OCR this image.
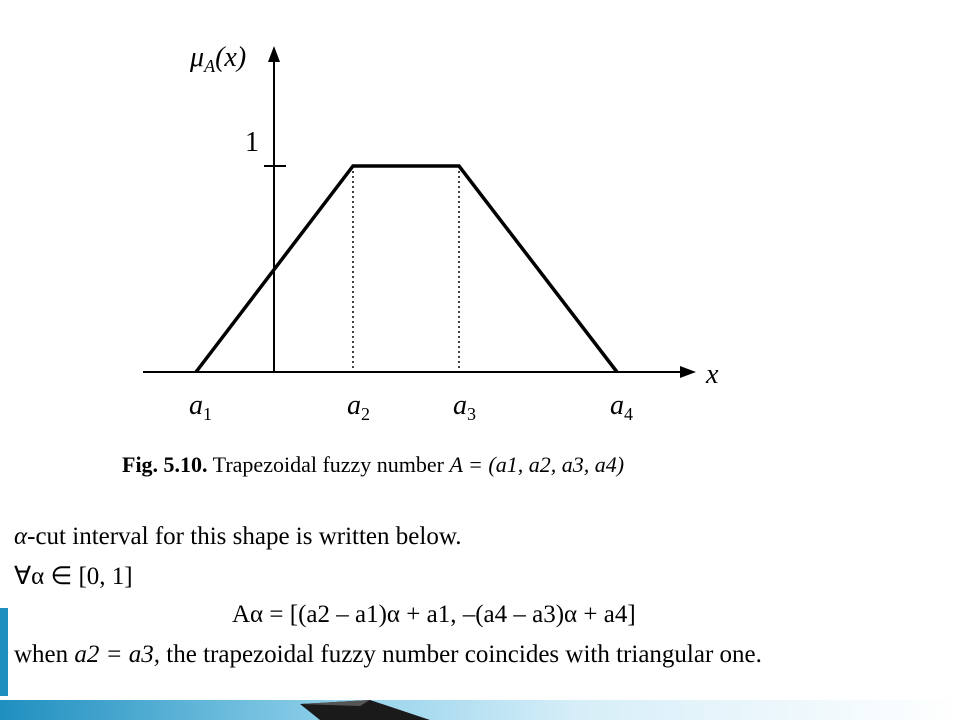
$\mu_A(x)$
1
x
$a_1$	$a_2$	$a_3$	$a_4$
Fig. 5.10. Trapezoidal fuzzy number A = (a1, a2, a3, a4)
α-cut interval for this shape is written below.
∀α ∈ [0, 1]
Aα = [(a2 – a1)α + a1, –(a4 – a3)α + a4]
when a2 = a3, the trapezoidal fuzzy number coincides with triangular one.
